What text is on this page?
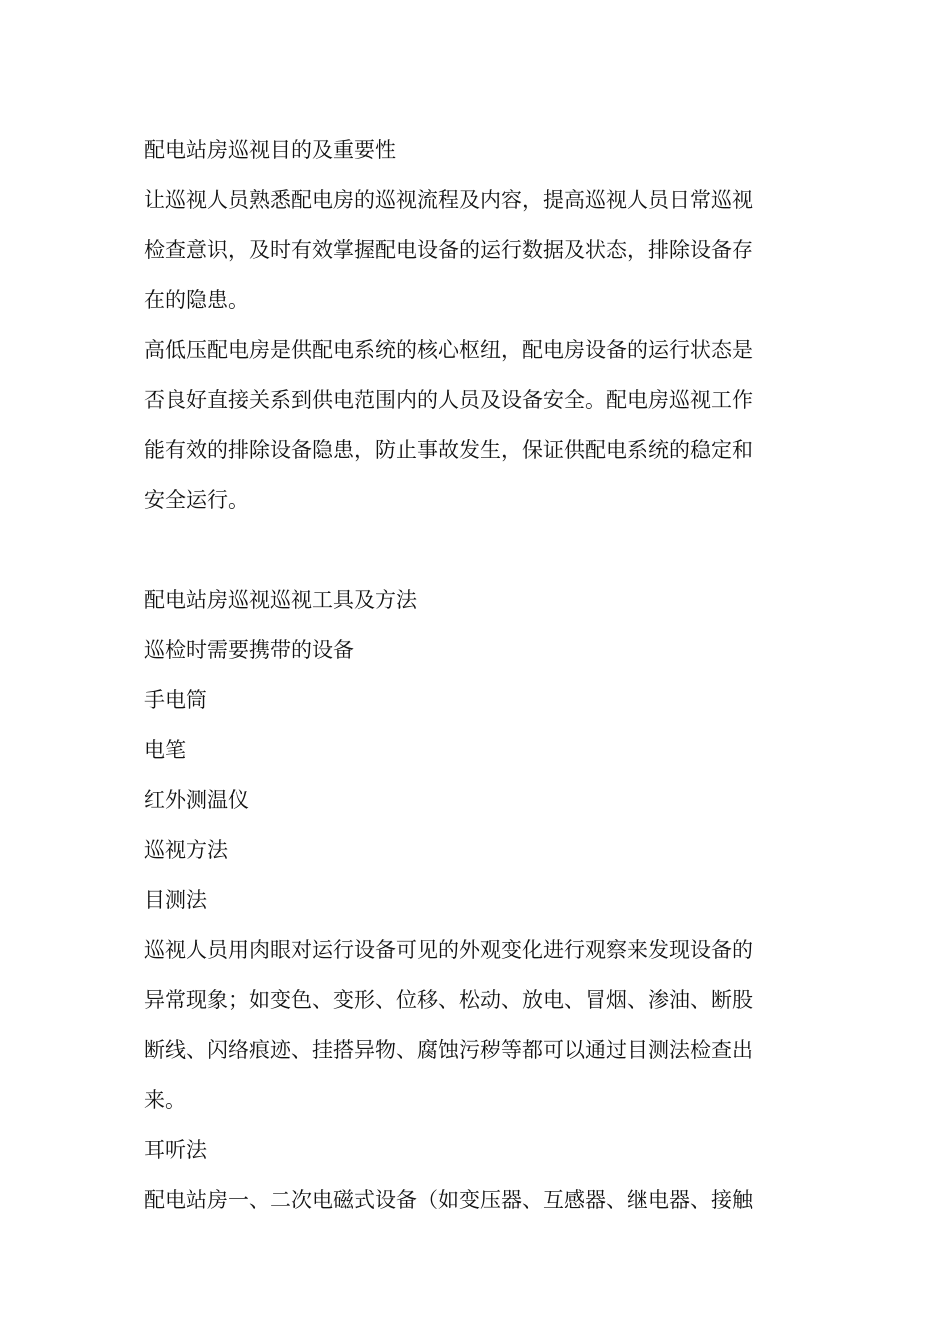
配电站房巡视目的及重要性
让巡视人员熟悉配电房的巡视流程及内容，提高巡视人员日常巡视
检查意识，及时有效掌握配电设备的运行数据及状态，排除设备存
在的隐患。
高低压配电房是供配电系统的核心枢纽，配电房设备的运行状态是
否良好直接关系到供电范围内的人员及设备安全。配电房巡视工作
能有效的排除设备隐患，防止事故发生，保证供配电系统的稳定和
安全运行。
配电站房巡视巡视工具及方法
巡检时需要携带的设备
手电筒
电笔
红外测温仪
巡视方法
目测法
巡视人员用肉眼对运行设备可见的外观变化进行观察来发现设备的
异常现象；如变色、变形、位移、松动、放电、冒烟、渗油、断股
断线、闪络痕迹、挂搭异物、腐蚀污秽等都可以通过目测法检查出
来。
耳听法
配电站房一、二次电磁式设备（如变压器、互感器、继电器、接触
